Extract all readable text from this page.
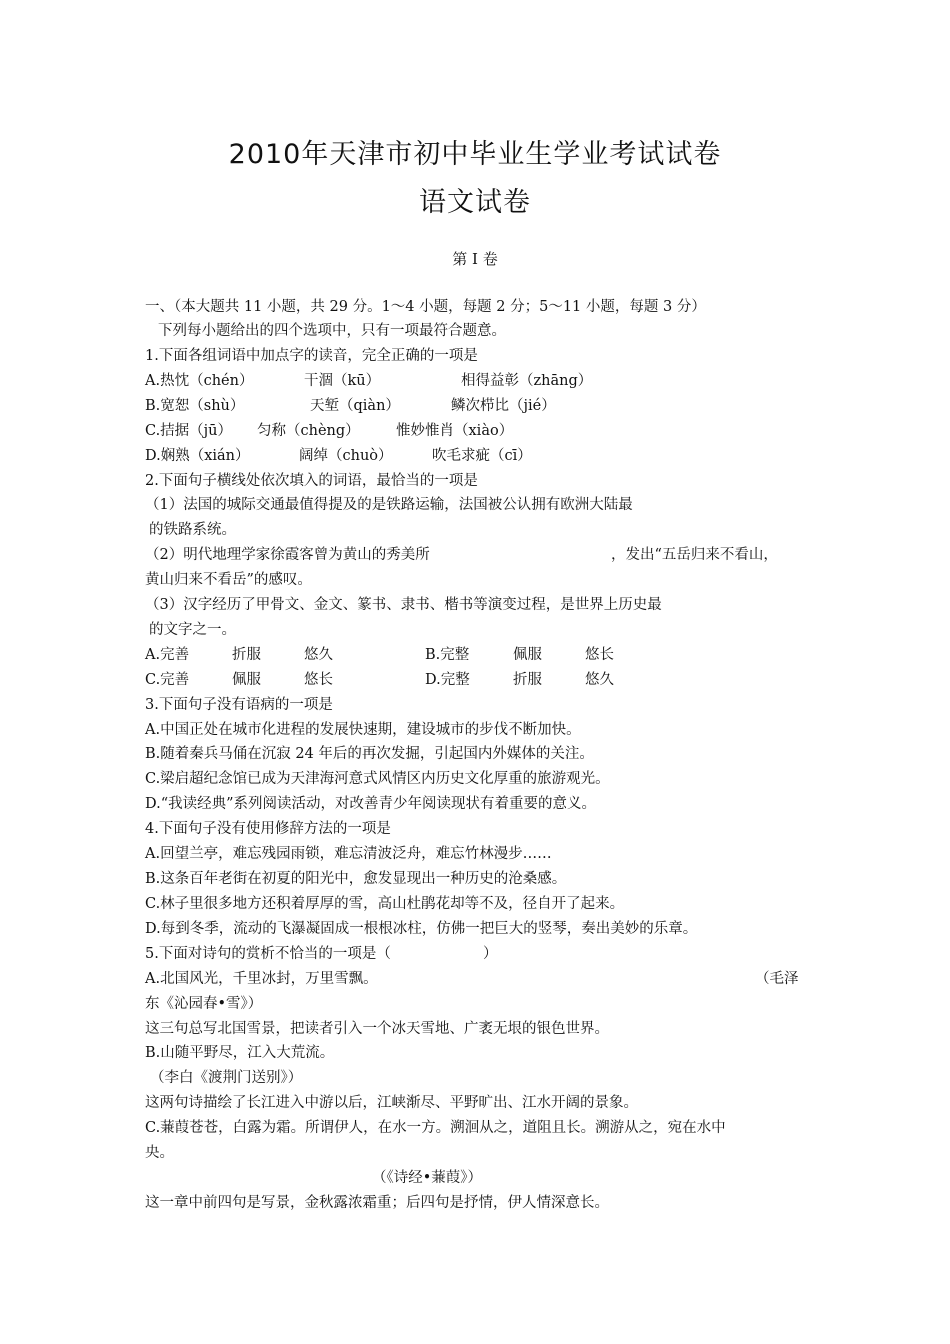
2010年天津市初中毕业生学业考试试卷
语文试卷
第 I 卷
一、（本大题共 11 小题，共 29 分。1～4 小题，每题 2 分；5～11 小题，每题 3 分）
下列每小题给出的四个选项中，只有一项最符合题意。
1.下面各组词语中加点字的读音，完全正确的一项是
A.热忱（chén）	干涸（kū）	相得益彰（zhāng）
B.宽恕（shù）	天堑（qiàn）	鳞次栉比（jié）
C.拮据（jū） 匀称（chèng）	惟妙惟肖（xiào）
D.娴熟（xián）	阔绰（chuò）	吹毛求疵（cī）
2.下面句子横线处依次填入的词语，最恰当的一项是
（1）法国的城际交通最值得提及的是铁路运输，法国被公认拥有欧洲大陆最
的铁路系统。
（2）明代地理学家徐霞客曾为黄山的秀美所	，发出“五岳归来不看山，
黄山归来不看岳”的感叹。
（3）汉字经历了甲骨文、金文、篆书、隶书、楷书等演变过程，是世界上历史最
的文字之一。
A.完善	折服	悠久	B.完整	佩服	悠长
C.完善	佩服	悠长	D.完整	折服	悠久
3.下面句子没有语病的一项是
A.中国正处在城市化进程的发展快速期，建设城市的步伐不断加快。
B.随着秦兵马俑在沉寂 24 年后的再次发掘，引起国内外媒体的关注。
C.梁启超纪念馆已成为天津海河意式风情区内历史文化厚重的旅游观光。
D.“我读经典”系列阅读活动，对改善青少年阅读现状有着重要的意义。
4.下面句子没有使用修辞方法的一项是
A.回望兰亭，难忘残园雨锁，难忘清波泛舟，难忘竹林漫步……
B.这条百年老街在初夏的阳光中，愈发显现出一种历史的沧桑感。
C.林子里很多地方还积着厚厚的雪，高山杜鹃花却等不及，径自开了起来。
D.每到冬季，流动的飞瀑凝固成一根根冰柱，仿佛一把巨大的竖琴，奏出美妙的乐章。
5.下面对诗句的赏析不恰当的一项是（	）
A.北国风光，千里冰封，万里雪飘。	（毛泽
东《沁园春•雪》）
这三句总写北国雪景，把读者引入一个冰天雪地、广袤无垠的银色世界。
B.山随平野尽，江入大荒流。
（李白《渡荆门送别》）
这两句诗描绘了长江进入中游以后，江峡渐尽、平野旷出、江水开阔的景象。
C.蒹葭苍苍，白露为霜。所谓伊人，在水一方。溯洄从之，道阻且长。溯游从之，宛在水中
央。
（《诗经•蒹葭》）
这一章中前四句是写景，金秋露浓霜重；后四句是抒情，伊人情深意长。
